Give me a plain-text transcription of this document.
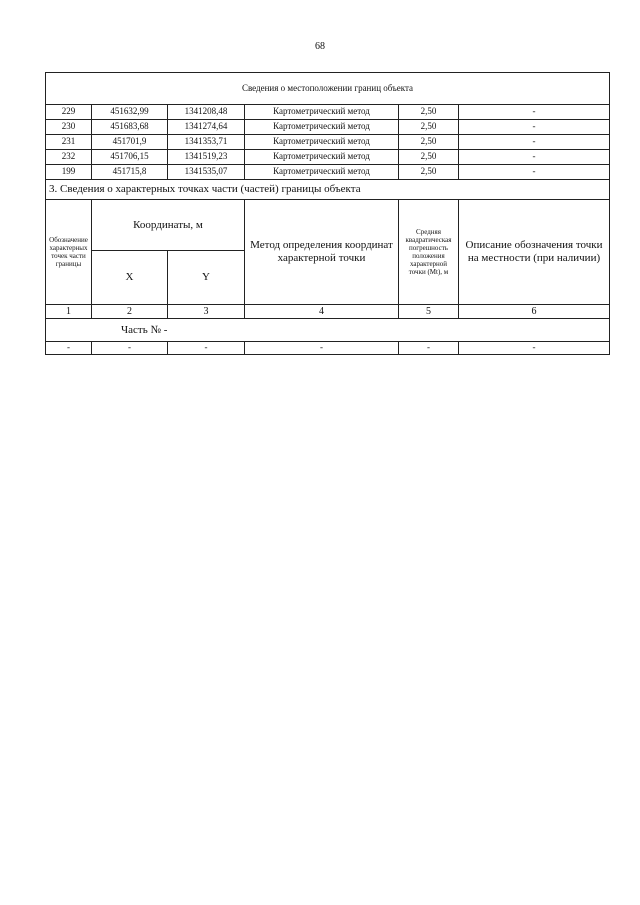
68
Сведения о местоположении границ объекта					
229	451632,99	1341208,48	Картометрический метод	2,50	-
230	451683,68	1341274,64	Картометрический метод	2,50	-
231	451701,9	1341353,71	Картометрический метод	2,50	-
232	451706,15	1341519,23	Картометрический метод	2,50	-
199	451715,8	1341535,07	Картометрический метод	2,50	-
3. Сведения о характерных точках части (частей) границы объекта					
Обозначение характерных точек части границы	Координаты, м		Метод определения координат характерной точки	Средняя квадратическая погрешность положения характерной точки (Мt), м	Описание обозначения точки на местности (при наличии)
	X	Y			
1	2	3	4	5	6
Часть № -					
-	-	-	-	-	-
